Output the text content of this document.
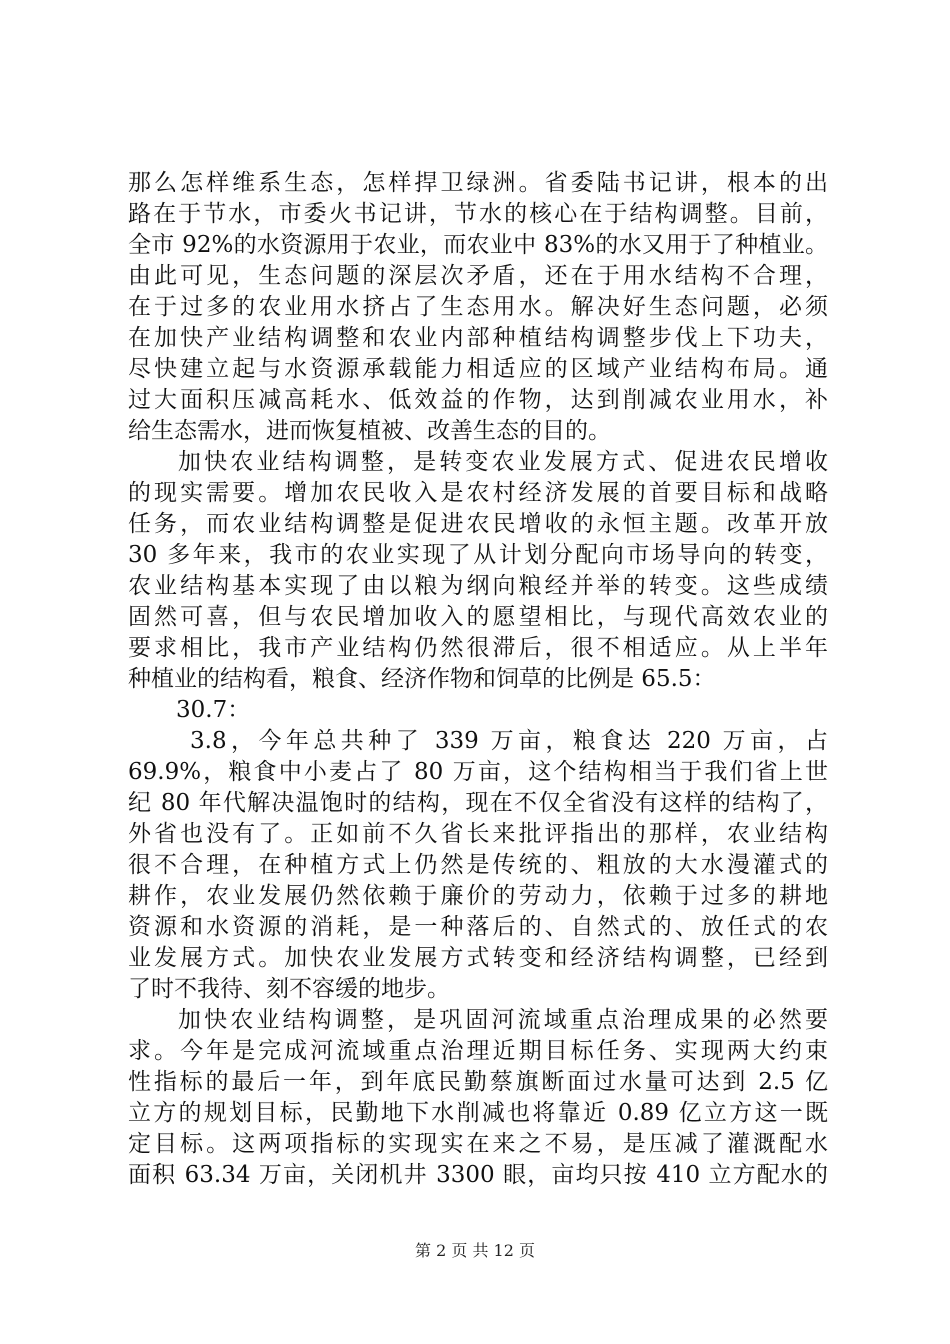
那么怎样维系生态，怎样捍卫绿洲。省委陆书记讲，根本的出
路在于节水，市委火书记讲，节水的核心在于结构调整。目前，
全市 92%的水资源用于农业，而农业中 83%的水又用于了种植业。
由此可见，生态问题的深层次矛盾，还在于用水结构不合理，
在于过多的农业用水挤占了生态用水。解决好生态问题，必须
在加快产业结构调整和农业内部种植结构调整步伐上下功夫，
尽快建立起与水资源承载能力相适应的区域产业结构布局。通
过大面积压减高耗水、低效益的作物，达到削减农业用水，补
给生态需水，进而恢复植被、改善生态的目的。
加快农业结构调整，是转变农业发展方式、促进农民增收
的现实需要。增加农民收入是农村经济发展的首要目标和战略
任务，而农业结构调整是促进农民增收的永恒主题。改革开放
30 多年来，我市的农业实现了从计划分配向市场导向的转变，
农业结构基本实现了由以粮为纲向粮经并举的转变。这些成绩
固然可喜，但与农民增加收入的愿望相比，与现代高效农业的
要求相比，我市产业结构仍然很滞后，很不相适应。从上半年
种植业的结构看，粮食、经济作物和饲草的比例是 65.5：
30.7：
3.8，今年总共种了 339 万亩，粮食达 220 万亩，占
69.9%，粮食中小麦占了 80 万亩，这个结构相当于我们省上世
纪 80 年代解决温饱时的结构，现在不仅全省没有这样的结构了，
外省也没有了。正如前不久省长来批评指出的那样，农业结构
很不合理，在种植方式上仍然是传统的、粗放的大水漫灌式的
耕作，农业发展仍然依赖于廉价的劳动力，依赖于过多的耕地
资源和水资源的消耗，是一种落后的、自然式的、放任式的农
业发展方式。加快农业发展方式转变和经济结构调整，已经到
了时不我待、刻不容缓的地步。
加快农业结构调整，是巩固河流域重点治理成果的必然要
求。今年是完成河流域重点治理近期目标任务、实现两大约束
性指标的最后一年，到年底民勤蔡旗断面过水量可达到 2.5 亿
立方的规划目标，民勤地下水削减也将靠近 0.89 亿立方这一既
定目标。这两项指标的实现实在来之不易，是压减了灌溉配水
面积 63.34 万亩，关闭机井 3300 眼，亩均只按 410 立方配水的
第 2 页 共 12 页
